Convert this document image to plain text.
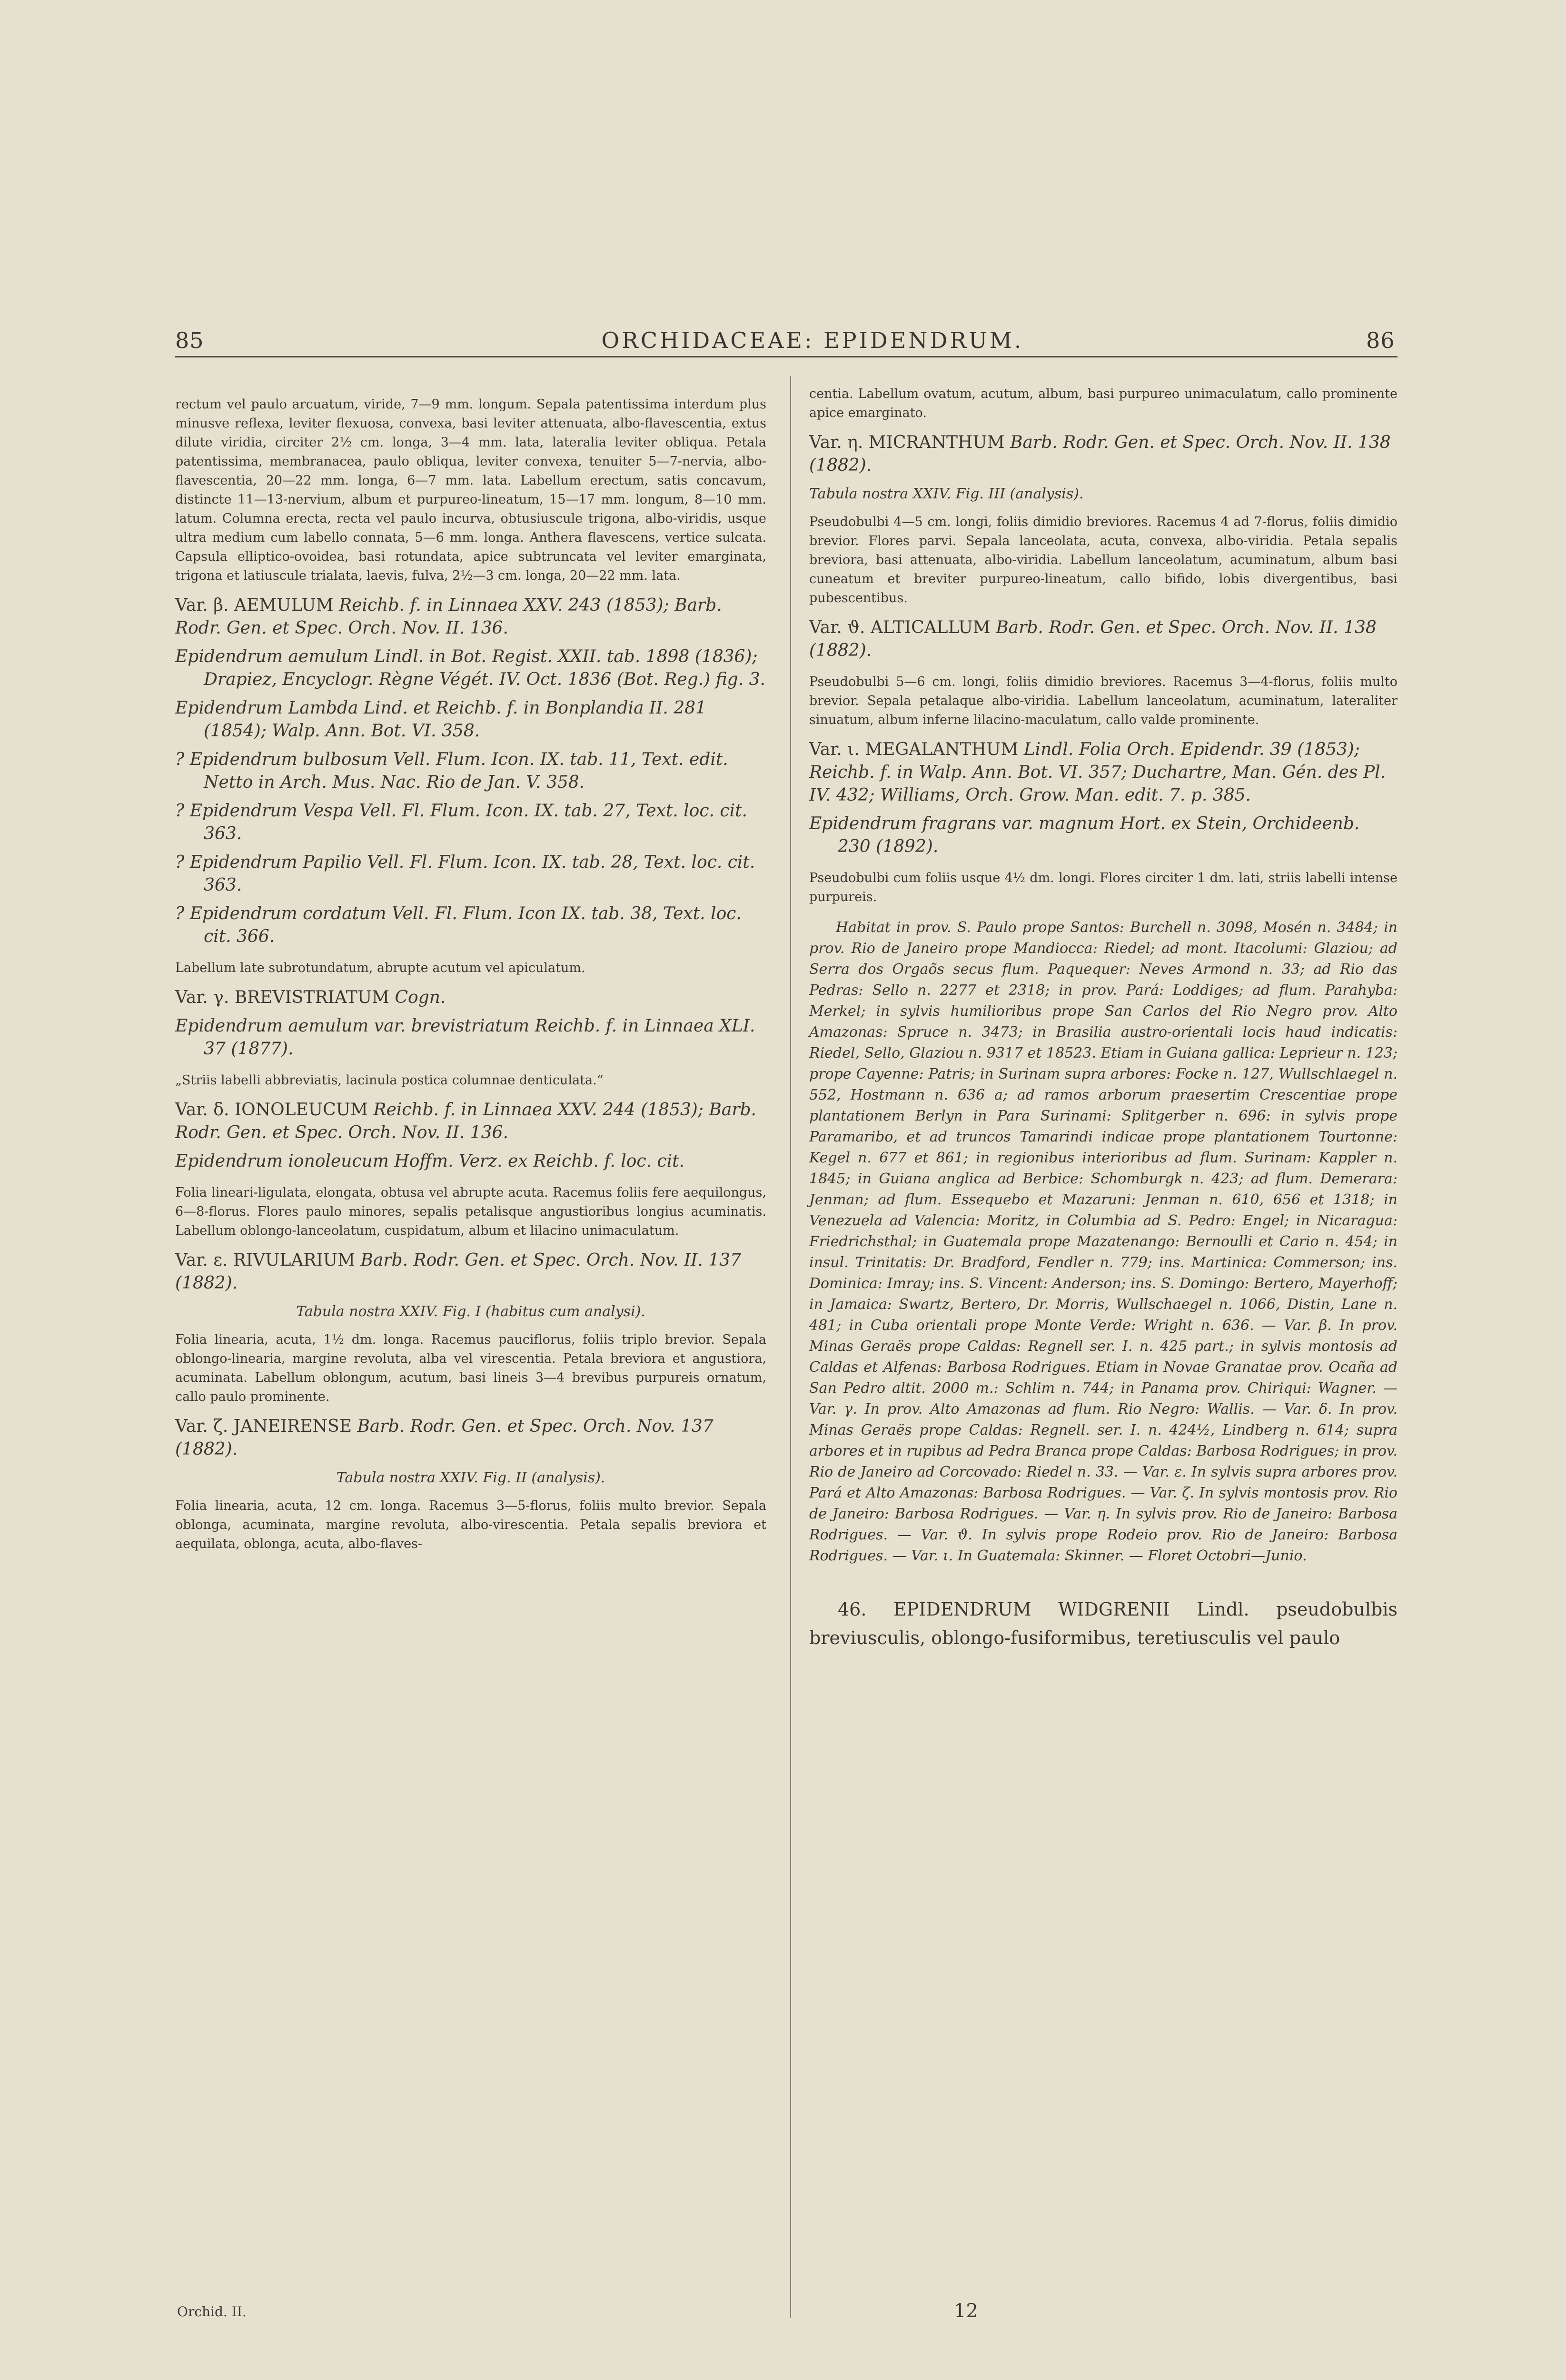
85	ORCHIDACEAE: EPIDENDRUM.	86

rectum vel paulo arcuatum, viride, 7—9 mm. longum. Sepala patentissima interdum plus minusve reflexa, leviter flexuosa, convexa, basi leviter attenuata, albo-flavescentia, extus dilute viridia, circiter 2½ cm. longa, 3—4 mm. lata, lateralia leviter obliqua. Petala patentissima, membranacea, paulo obliqua, leviter convexa, tenuiter 5—7-nervia, albo-flavescentia, 20—22 mm. longa, 6—7 mm. lata. Labellum erectum, satis concavum, distincte 11—13-nervium, album et purpureo-lineatum, 15—17 mm. longum, 8—10 mm. latum. Columna erecta, recta vel paulo incurva, obtusiuscule trigona, albo-viridis, usque ultra medium cum labello connata, 5—6 mm. longa. Anthera flavescens, vertice sulcata. Capsula elliptico-ovoidea, basi rotundata, apice subtruncata vel leviter emarginata, trigona et latiuscule trialata, laevis, fulva, 2½—3 cm. longa, 20—22 mm. lata.

Var. β. AEMULUM Reichb. f. in Linnaea XXV. 243 (1853); Barb. Rodr. Gen. et Spec. Orch. Nov. II. 136.

Epidendrum aemulum Lindl. in Bot. Regist. XXII. tab. 1898 (1836); Drapiez, Encyclogr. Règne Végét. IV. Oct. 1836 (Bot. Reg.) fig. 3.

Epidendrum Lambda Lind. et Reichb. f. in Bonplandia II. 281 (1854); Walp. Ann. Bot. VI. 358.

? Epidendrum bulbosum Vell. Flum. Icon. IX. tab. 11, Text. edit. Netto in Arch. Mus. Nac. Rio de Jan. V. 358.

? Epidendrum Vespa Vell. Fl. Flum. Icon. IX. tab. 27, Text. loc. cit. 363.

? Epidendrum Papilio Vell. Fl. Flum. Icon. IX. tab. 28, Text. loc. cit. 363.

? Epidendrum cordatum Vell. Fl. Flum. Icon IX. tab. 38, Text. loc. cit. 366.

Labellum late subrotundatum, abrupte acutum vel apiculatum.

Var. γ. BREVISTRIATUM Cogn.

Epidendrum aemulum var. brevistriatum Reichb. f. in Linnaea XLI. 37 (1877).

„Striis labelli abbreviatis, lacinula postica columnae denticulata.“

Var. δ. IONOLEUCUM Reichb. f. in Linnaea XXV. 244 (1853); Barb. Rodr. Gen. et Spec. Orch. Nov. II. 136.

Epidendrum ionoleucum Hoffm. Verz. ex Reichb. f. loc. cit.

Folia lineari-ligulata, elongata, obtusa vel abrupte acuta. Racemus foliis fere aequilongus, 6—8-florus. Flores paulo minores, sepalis petalisque angustioribus longius acuminatis. Labellum oblongo-lanceolatum, cuspidatum, album et lilacino unimaculatum.

Var. ε. RIVULARIUM Barb. Rodr. Gen. et Spec. Orch. Nov. II. 137 (1882).

Tabula nostra XXIV. Fig. I (habitus cum analysi).

Folia linearia, acuta, 1½ dm. longa. Racemus pauciflorus, foliis triplo brevior. Sepala oblongo-linearia, margine revoluta, alba vel virescentia. Petala breviora et angustiora, acuminata. Labellum oblongum, acutum, basi lineis 3—4 brevibus purpureis ornatum, callo paulo prominente.

Var. ζ. JANEIRENSE Barb. Rodr. Gen. et Spec. Orch. Nov. 137 (1882).

Tabula nostra XXIV. Fig. II (analysis).

Folia linearia, acuta, 12 cm. longa. Racemus 3—5-florus, foliis multo brevior. Sepala oblonga, acuminata, margine revoluta, albo-virescentia. Petala sepalis breviora et aequilata, oblonga, acuta, albo-flaves-

centia. Labellum ovatum, acutum, album, basi purpureo unimaculatum, callo prominente apice emarginato.

Var. η. MICRANTHUM Barb. Rodr. Gen. et Spec. Orch. Nov. II. 138 (1882).

Tabula nostra XXIV. Fig. III (analysis).

Pseudobulbi 4—5 cm. longi, foliis dimidio breviores. Racemus 4 ad 7-florus, foliis dimidio brevior. Flores parvi. Sepala lanceolata, acuta, convexa, albo-viridia. Petala sepalis breviora, basi attenuata, albo-viridia. Labellum lanceolatum, acuminatum, album basi cuneatum et breviter purpureo-lineatum, callo bifido, lobis divergentibus, basi pubescentibus.

Var. ϑ. ALTICALLUM Barb. Rodr. Gen. et Spec. Orch. Nov. II. 138 (1882).

Pseudobulbi 5—6 cm. longi, foliis dimidio breviores. Racemus 3—4-florus, foliis multo brevior. Sepala petalaque albo-viridia. Labellum lanceolatum, acuminatum, lateraliter sinuatum, album inferne lilacino-maculatum, callo valde prominente.

Var. ι. MEGALANTHUM Lindl. Folia Orch. Epidendr. 39 (1853); Reichb. f. in Walp. Ann. Bot. VI. 357; Duchartre, Man. Gén. des Pl. IV. 432; Williams, Orch. Grow. Man. edit. 7. p. 385.

Epidendrum fragrans var. magnum Hort. ex Stein, Orchideenb. 230 (1892).

Pseudobulbi cum foliis usque 4½ dm. longi. Flores circiter 1 dm. lati, striis labelli intense purpureis.

Habitat in prov. S. Paulo prope Santos: Burchell n. 3098, Mosén n. 3484; in prov. Rio de Janeiro prope Mandiocca: Riedel; ad mont. Itacolumi: Glaziou; ad Serra dos Orgaõs secus flum. Paquequer: Neves Armond n. 33; ad Rio das Pedras: Sello n. 2277 et 2318; in prov. Pará: Loddiges; ad flum. Parahyba: Merkel; in sylvis humilioribus prope San Carlos del Rio Negro prov. Alto Amazonas: Spruce n. 3473; in Brasilia austro-orientali locis haud indicatis: Riedel, Sello, Glaziou n. 9317 et 18523. Etiam in Guiana gallica: Leprieur n. 123; prope Cayenne: Patris; in Surinam supra arbores: Focke n. 127, Wullschlaegel n. 552, Hostmann n. 636 a; ad ramos arborum praesertim Crescentiae prope plantationem Berlyn in Para Surinami: Splitgerber n. 696: in sylvis prope Paramaribo, et ad truncos Tamarindi indicae prope plantationem Tourtonne: Kegel n. 677 et 861; in regionibus interioribus ad flum. Surinam: Kappler n. 1845; in Guiana anglica ad Berbice: Schomburgk n. 423; ad flum. Demerara: Jenman; ad flum. Essequebo et Mazaruni: Jenman n. 610, 656 et 1318; in Venezuela ad Valencia: Moritz, in Columbia ad S. Pedro: Engel; in Nicaragua: Friedrichsthal; in Guatemala prope Mazatenango: Bernoulli et Cario n. 454; in insul. Trinitatis: Dr. Bradford, Fendler n. 779; ins. Martinica: Commerson; ins. Dominica: Imray; ins. S. Vincent: Anderson; ins. S. Domingo: Bertero, Mayerhoff; in Jamaica: Swartz, Bertero, Dr. Morris, Wullschaegel n. 1066, Distin, Lane n. 481; in Cuba orientali prope Monte Verde: Wright n. 636. — Var. β. In prov. Minas Geraës prope Caldas: Regnell ser. I. n. 425 part.; in sylvis montosis ad Caldas et Alfenas: Barbosa Rodrigues. Etiam in Novae Granatae prov. Ocaña ad San Pedro altit. 2000 m.: Schlim n. 744; in Panama prov. Chiriqui: Wagner. — Var. γ. In prov. Alto Amazonas ad flum. Rio Negro: Wallis. — Var. δ. In prov. Minas Geraës prope Caldas: Regnell. ser. I. n. 424½, Lindberg n. 614; supra arbores et in rupibus ad Pedra Branca prope Caldas: Barbosa Rodrigues; in prov. Rio de Janeiro ad Corcovado: Riedel n. 33. — Var. ε. In sylvis supra arbores prov. Pará et Alto Amazonas: Barbosa Rodrigues. — Var. ζ. In sylvis montosis prov. Rio de Janeiro: Barbosa Rodrigues. — Var. η. In sylvis prov. Rio de Janeiro: Barbosa Rodrigues. — Var. ϑ. In sylvis prope Rodeio prov. Rio de Janeiro: Barbosa Rodrigues. — Var. ι. In Guatemala: Skinner. — Floret Octobri—Junio.

46. EPIDENDRUM WIDGRENII Lindl. pseudobulbis breviusculis, oblongo-fusiformibus, teretiusculis vel paulo

Orchid. II.	12
